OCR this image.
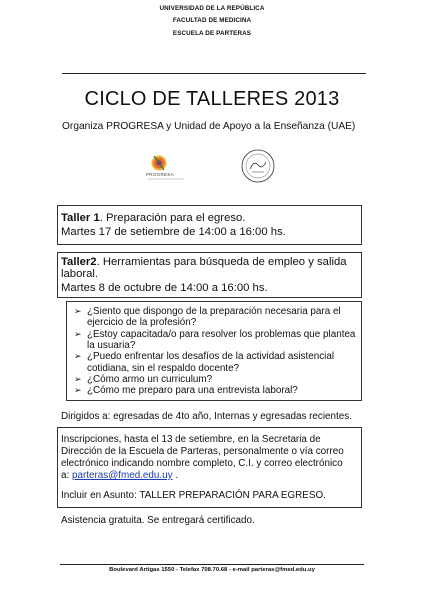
UNIVERSIDAD DE LA REPÚBLICA
FACULTAD DE MEDICINA
ESCUELA DE PARTERAS
CICLO DE TALLERES 2013
Organiza PROGRESA y Unidad de Apoyo a la Enseñanza (UAE)
PROGRESA
Taller 1. Preparación para el egreso.
Martes 17 de setiembre de 14:00 a 16:00 hs.
Taller2. Herramientas para búsqueda de empleo y salida
laboral.
Martes 8 de octubre de 14:00 a 16:00 hs.
➢ ¿Siento que dispongo de la preparación necesaria para el
ejercicio de la profesión?
➢ ¿Estoy capacitada/o para resolver los problemas que plantea
la usuaria?
➢ ¿Puedo enfrentar los desafíos de la actividad asistencial
cotidiana, sin el respaldo docente?
➢ ¿Cómo armo un curriculum?
➢ ¿Cómo me preparo para una entrevista laboral?
Dirigidos a: egresadas de 4to año, Internas y egresadas recientes.
Inscripciones, hasta el 13 de setiembre, en la Secretaria de
Dirección de la Escuela de Parteras, personalmente o vía correo
electrónico indicando nombre completo, C.I. y correo electrónico
a: parteras@fmed.edu.uy .
Incluir en Asunto: TALLER PREPARACIÓN PARA EGRESO.
Asistencia gratuita. Se entregará certificado.
Boulevard Artigas 1550 - Telefax 708.70.68 - e-mail parteras@fmed.edu.uy
